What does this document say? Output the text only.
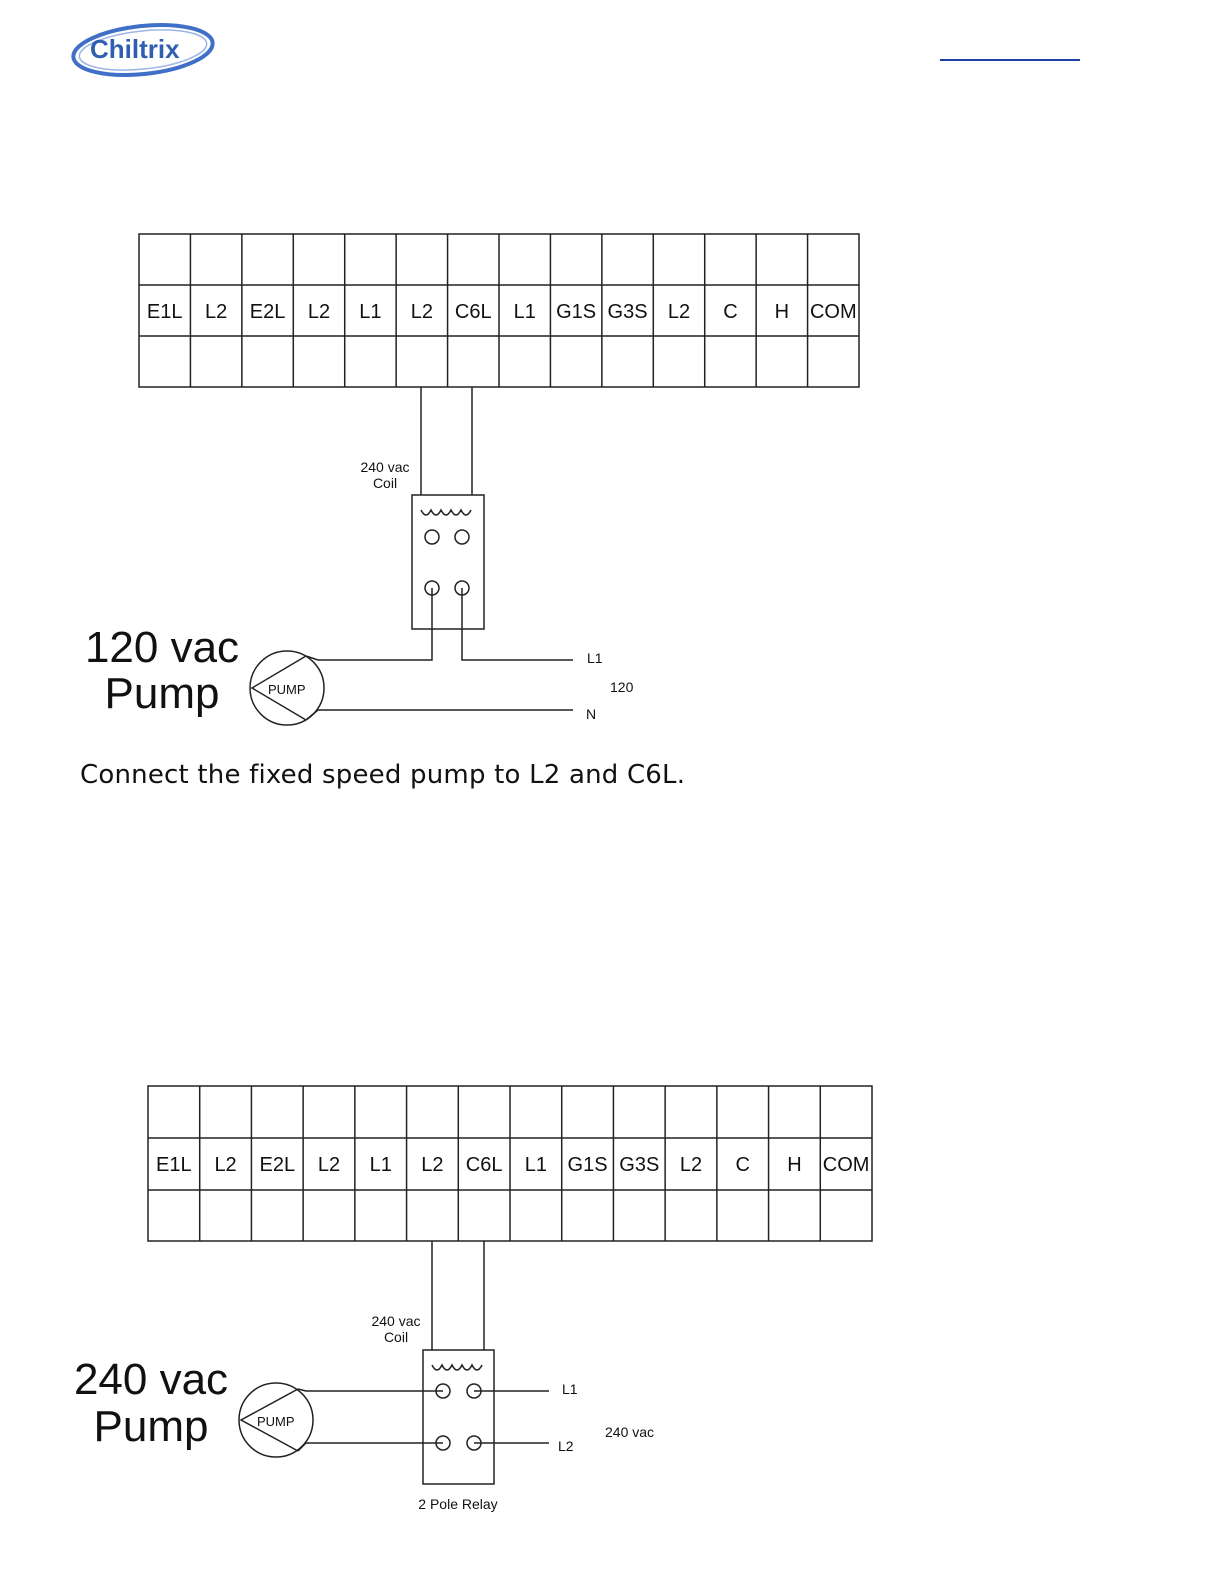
Chiltrix
E1L L2 E2L L2 L1 L2 C6L L1 G1S G3S L2 C H COM
240 vac
Coil
L1
N
120
PUMP
120 vac
Pump
Connect the fixed speed pump to L2 and C6L.
E1L L2 E2L L2 L1 L2 C6L L1 G1S G3S L2 C H COM
240 vac
Coil
L1
L2
240 vac
2 Pole Relay
PUMP
240 vac
Pump
